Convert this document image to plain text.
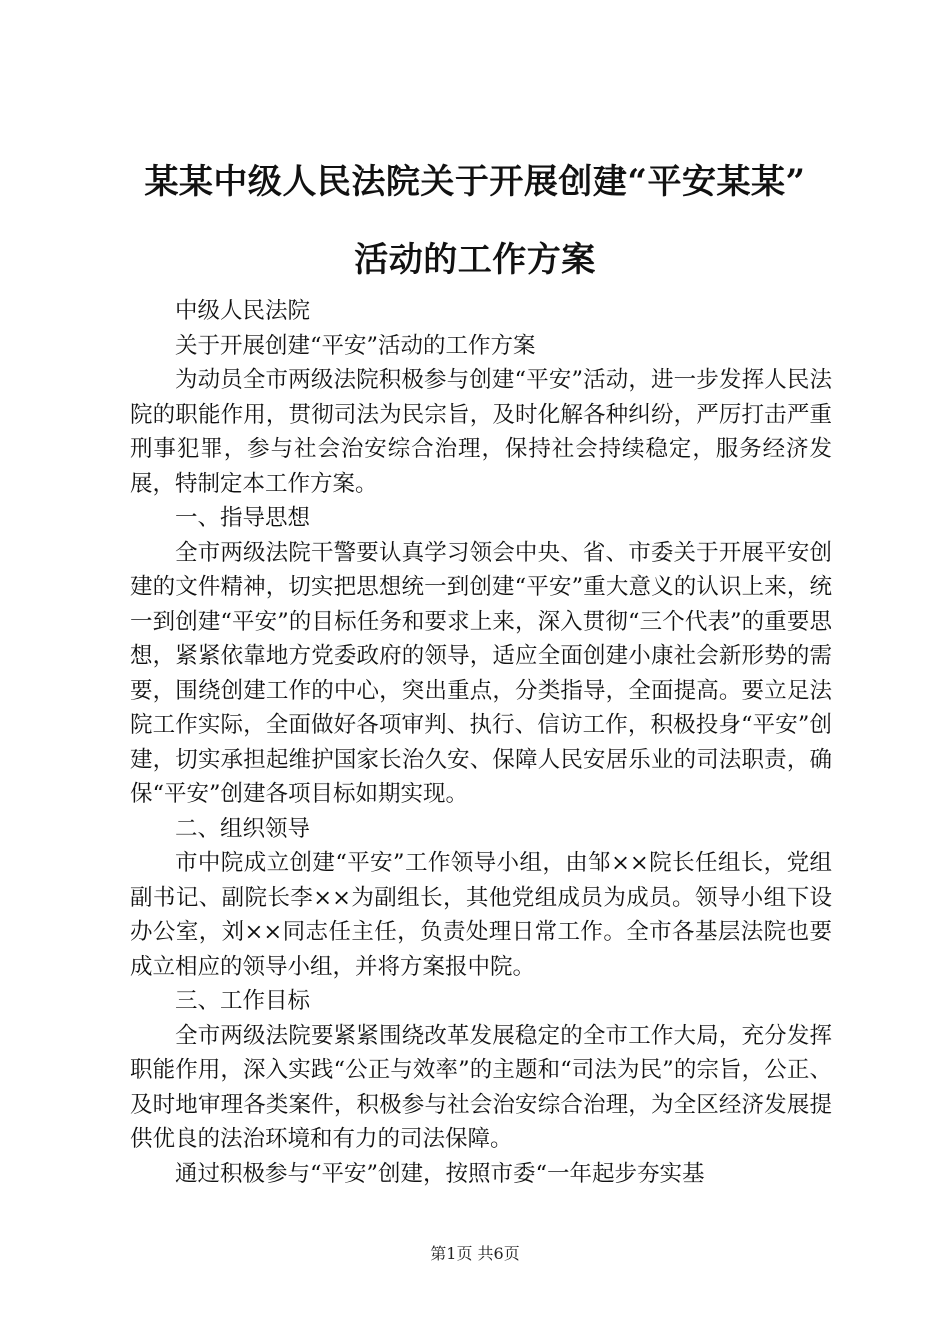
某某中级人民法院关于开展创建“平安某某”
活动的工作方案

中级人民法院

关于开展创建“平安”活动的工作方案

为动员全市两级法院积极参与创建“平安”活动，进一步发挥人民法院的职能作用，贯彻司法为民宗旨，及时化解各种纠纷，严厉打击严重刑事犯罪，参与社会治安综合治理，保持社会持续稳定，服务经济发展，特制定本工作方案。

一、指导思想

全市两级法院干警要认真学习领会中央、省、市委关于开展平安创建的文件精神，切实把思想统一到创建“平安”重大意义的认识上来，统一到创建“平安”的目标任务和要求上来，深入贯彻“三个代表”的重要思想，紧紧依靠地方党委政府的领导，适应全面创建小康社会新形势的需要，围绕创建工作的中心，突出重点，分类指导，全面提高。要立足法院工作实际，全面做好各项审判、执行、信访工作，积极投身“平安”创建，切实承担起维护国家长治久安、保障人民安居乐业的司法职责，确保“平安”创建各项目标如期实现。

二、组织领导

市中院成立创建“平安”工作领导小组，由邹××院长任组长，党组副书记、副院长李××为副组长，其他党组成员为成员。领导小组下设办公室，刘××同志任主任，负责处理日常工作。全市各基层法院也要成立相应的领导小组，并将方案报中院。

三、工作目标

全市两级法院要紧紧围绕改革发展稳定的全市工作大局，充分发挥职能作用，深入实践“公正与效率”的主题和“司法为民”的宗旨，公正、及时地审理各类案件，积极参与社会治安综合治理，为全区经济发展提供优良的法治环境和有力的司法保障。

通过积极参与“平安”创建，按照市委“一年起步夯实基

第1页 共6页
